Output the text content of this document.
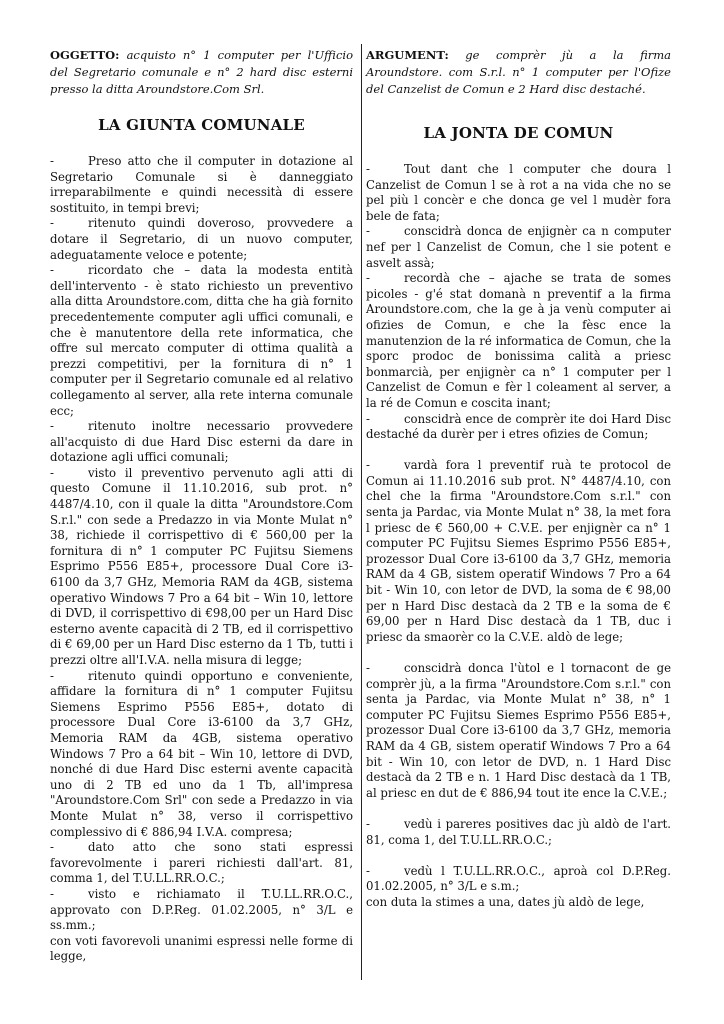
OGGETTO: acquisto n° 1 computer per l'Ufficio del Segretario comunale e n° 2 hard disc esterni presso la ditta Aroundstore.Com Srl.
LA GIUNTA COMUNALE

-	Preso atto che il computer in dotazione al Segretario Comunale si è danneggiato irreparabilmente e quindi necessità di essere sostituito, in tempi brevi;

-	ritenuto quindi doveroso, provvedere a dotare il Segretario, di un nuovo computer, adeguatamente veloce e potente;

-	ricordato che – data la modesta entità dell'intervento - è stato richiesto un preventivo alla ditta Aroundstore.com, ditta che ha già fornito precedentemente computer agli uffici comunali, e che è manutentore della rete informatica, che offre sul mercato computer di ottima qualità a prezzi competitivi, per la fornitura di n° 1 computer per il Segretario comunale ed al relativo collegamento al server, alla rete interna comunale ecc;

-	ritenuto inoltre necessario provvedere all'acquisto di due Hard Disc esterni da dare in dotazione agli uffici comunali;

-	visto il preventivo pervenuto agli atti di questo Comune il 11.10.2016, sub prot. n° 4487/4.10, con il quale la ditta "Aroundstore.Com S.r.l." con sede a Predazzo in via Monte Mulat n° 38, richiede il corrispettivo di € 560,00 per la fornitura di n° 1 computer PC Fujitsu Siemens Esprimo P556 E85+, processore Dual Core i3-6100 da 3,7 GHz, Memoria RAM da 4GB, sistema operativo Windows 7 Pro a 64 bit – Win 10, lettore di DVD, il corrispettivo di €98,00 per un Hard Disc esterno avente capacità di 2 TB, ed il corrispettivo di € 69,00 per un Hard Disc esterno da 1 Tb, tutti i prezzi oltre all'I.V.A. nella misura di legge;

-	ritenuto quindi opportuno e conveniente, affidare la fornitura di n° 1 computer Fujitsu Siemens Esprimo P556 E85+, dotato di processore Dual Core i3-6100 da 3,7 GHz, Memoria RAM da 4GB, sistema operativo Windows 7 Pro a 64 bit – Win 10, lettore di DVD, nonché di due Hard Disc esterni avente capacità uno di 2 TB ed uno da 1 Tb, all'impresa "Aroundstore.Com Srl" con sede a Predazzo in via Monte Mulat n° 38, verso il corrispettivo complessivo di € 886,94 I.V.A. compresa;

-	dato atto che sono stati espressi favorevolmente i pareri richiesti dall'art. 81, comma 1, del T.U.LL.RR.O.C.;

-	visto e richiamato il T.U.LL.RR.O.C., approvato con D.P.Reg. 01.02.2005, n° 3/L e ss.mm.;

con voti favorevoli unanimi espressi nelle forme di legge,

ARGUMENT: ge comprèr jù a la firma Aroundstore. com S.r.l. n° 1 computer per l'Ofize del Canzelist de Comun e 2 Hard disc destaché.
LA JONTA DE COMUN

-	Tout dant che l computer che doura l Canzelist de Comun l se à rot a na vida che no se pel più l concèr e che donca ge vel l mudèr fora bele de fata;

-	conscidrà donca de enjignèr ca n computer nef per l Canzelist de Comun, che l sie potent e asvelt assà;

-	recordà che – ajache se trata de somes picoles - g'é stat domanà n preventif a la firma Aroundstore.com, che la ge à ja venù computer ai ofizies de Comun, e che la fèsc ence la manutenzion de la ré informatica de Comun, che la sporc prodoc de bonissima calità a priesc bonmarcià, per enjignèr ca n° 1 computer per l Canzelist de Comun e fèr l coleament al server, a la ré de Comun e coscita inant;

-	conscidrà ence de comprèr ite doi Hard Disc destaché da durèr per i etres ofizies de Comun;

-	vardà fora l preventif ruà te protocol de Comun ai 11.10.2016 sub prot. N° 4487/4.10, con chel che la firma "Aroundstore.Com s.r.l." con senta ja Pardac, via Monte Mulat n° 38, la met fora l priesc de € 560,00 + C.V.E. per enjignèr ca n° 1 computer PC Fujitsu Siemes Esprimo P556 E85+, prozessor Dual Core i3-6100 da 3,7 GHz, memoria RAM da 4 GB, sistem operatif Windows 7 Pro a 64 bit - Win 10, con letor de DVD, la soma de € 98,00 per n Hard Disc destacà da 2 TB e la soma de € 69,00 per n Hard Disc destacà da 1 TB, duc i priesc da smaorèr co la C.V.E. aldò de lege;

-	conscidrà donca l'ùtol e l tornacont de ge comprèr jù, a la firma "Aroundstore.Com s.r.l." con senta ja Pardac, via Monte Mulat n° 38, n° 1 computer PC Fujitsu Siemes Esprimo P556 E85+, prozessor Dual Core i3-6100 da 3,7 GHz, memoria RAM da 4 GB, sistem operatif Windows 7 Pro a 64 bit - Win 10, con letor de DVD, n. 1 Hard Disc destacà da 2 TB e n. 1 Hard Disc destacà da 1 TB, al priesc en dut de € 886,94 tout ite ence la C.V.E.;

-	vedù i pareres positives dac jù aldò de l'art. 81, coma 1, del T.U.LL.RR.O.C.;

-	vedù l T.U.LL.RR.O.C., aproà col D.P.Reg. 01.02.2005, n° 3/L e s.m.;

con duta la stimes a una, dates jù aldò de lege,
